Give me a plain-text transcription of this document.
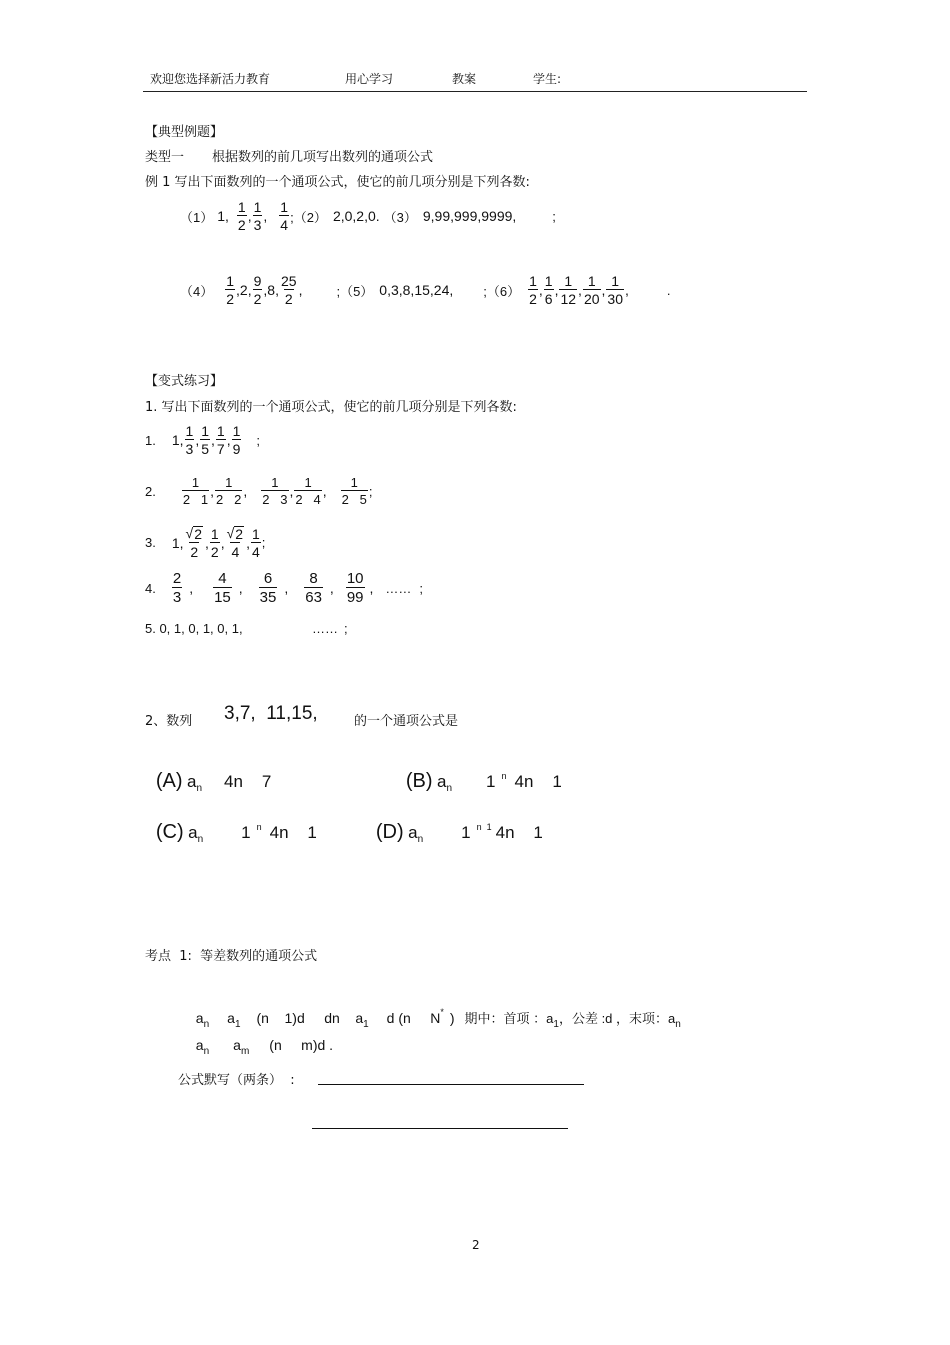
欢迎您选择新活力教育	用心学习	教案	学生:
【典型例题】
类型一 根据数列的前几项写出数列的通项公式
例 1 写出下面数列的一个通项公式，使它的前几项分别是下列各数:
（1） 1, $\frac{1}{2}$ , $\frac{1}{3}$ , $\frac{1}{4}$ ;（2） 2,0,2,0. （3） 9,99,999,9999,	;
$(4) \frac{1}{2}$ , 2, $\frac{9}{2}$ , 8, $\frac{25}{2}$ ,	;（5） 0,3,8,15,24, ;（6） $\frac{1}{2}$ , $\frac{1}{6}$ , $\frac{1}{12}$ , $\frac{1}{20}$ , $\frac{1}{30}$ ,	.
【变式练习】
1. 写出下面数列的一个通项公式，使它的前几项分别是下列各数:
1. 1, $\frac{1}{3}$ , $\frac{1}{5}$ , $\frac{1}{7}$ , $\frac{1}{9}$ ;
2. $\frac{1}{2 1}$ , $\frac{1}{2 2}$ , $\frac{1}{2 3}$ , $\frac{1}{2 4}$ , $\frac{1}{2 5}$ ;
3. 1, $\frac{√ 2}{2}$ , $\frac{1}{2}$ , $\frac{√ 2}{4}$ , $\frac{1}{4}$ ;
4. $\frac{2}{3}$ , $\frac{4}{15}$ , $\frac{6}{35}$ , $\frac{8}{63}$ , $\frac{10}{99}$ , …… ;
5. 0, 1, 0, 1, 0, 1,	…… ;
2、数列 3,7,  11,15,	的一个通项公式是

(A) $a_n$ 4n    7	(B) $a_n$ 1 $^n$ 4n    1

(C) $a_n$ 1 $^n$ 4n    1	(D) $a_n$ 1 $^{n 1}$ 4n    1

考点  1:  等差数列的通项公式

$a_n$ $a_1$ (n    1)d     dn    $a_1$ d (n     N* ) 期中：首项 ：$a_1$，公差 :d ，末项：$a_n$

$a_n$ $a_m$ (n     m)d .

公式默写（两条）  :
2
